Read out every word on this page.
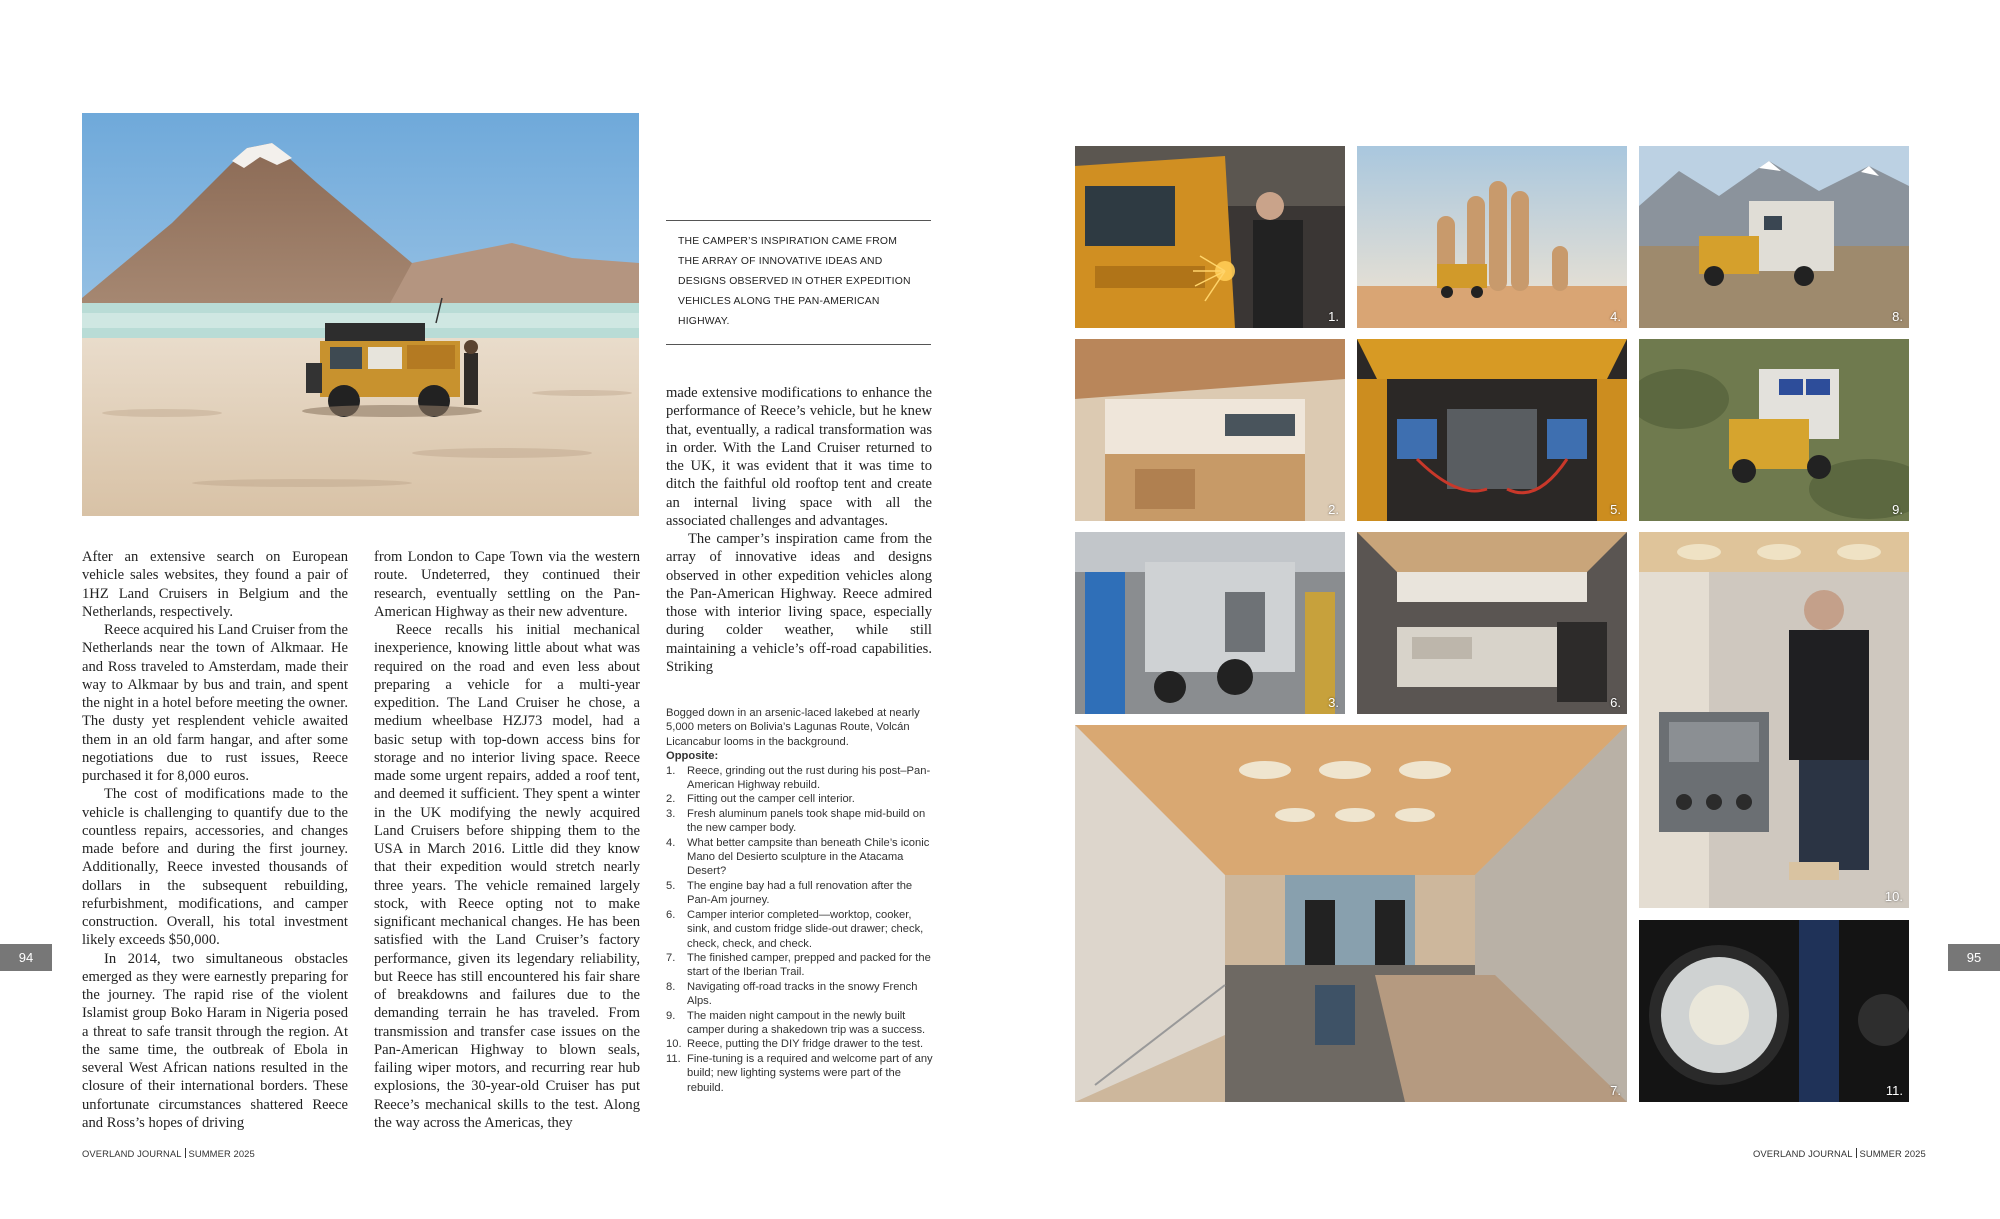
After an extensive search on European vehicle sales websites, they found a pair of 1HZ Land Cruisers in Belgium and the Netherlands, respectively.

Reece acquired his Land Cruiser from the Netherlands near the town of Alkmaar. He and Ross traveled to Amsterdam, made their way to Alkmaar by bus and train, and spent the night in a hotel before meeting the owner. The dusty yet resplendent vehicle awaited them in an old farm hangar, and after some negotiations due to rust issues, Reece purchased it for 8,000 euros.

The cost of modifications made to the vehicle is challenging to quantify due to the countless repairs, accessories, and changes made before and during the first journey. Additionally, Reece invested thousands of dollars in the subsequent rebuilding, refurbishment, modifications, and camper construction. Overall, his total investment likely exceeds $50,000.

In 2014, two simultaneous obstacles emerged as they were earnestly preparing for the journey. The rapid rise of the violent Islamist group Boko Haram in Nigeria posed a threat to safe transit through the region. At the same time, the outbreak of Ebola in several West African nations resulted in the closure of their international borders. These unfortunate circumstances shattered Reece and Ross’s hopes of driving

from London to Cape Town via the western route. Undeterred, they continued their research, eventually settling on the Pan-American Highway as their new adventure.

Reece recalls his initial mechanical inexperience, knowing little about what was required on the road and even less about preparing a vehicle for a multi-year expedition. The Land Cruiser he chose, a medium wheelbase HZJ73 model, had a basic setup with top-down access bins for storage and no interior living space. Reece made some urgent repairs, added a roof tent, and deemed it sufficient. They spent a winter in the UK modifying the newly acquired Land Cruisers before shipping them to the USA in March 2016. Little did they know that their expedition would stretch nearly three years. The vehicle remained largely stock, with Reece opting not to make significant mechanical changes. He has been satisfied with the Land Cruiser’s factory performance, given its legendary reliability, but Reece has still encountered his fair share of breakdowns and failures due to the demanding terrain he has traveled. From transmission and transfer case issues on the Pan-American Highway to blown seals, failing wiper motors, and recurring rear hub explosions, the 30-year-old Cruiser has put Reece’s mechanical skills to the test. Along the way across the Americas, they

THE CAMPER’S INSPIRATION CAME FROM THE ARRAY OF INNOVATIVE IDEAS AND DESIGNS OBSERVED IN OTHER EXPEDITION VEHICLES ALONG THE PAN-AMERICAN HIGHWAY.

made extensive modifications to enhance the performance of Reece’s vehicle, but he knew that, eventually, a radical transformation was in order. With the Land Cruiser returned to the UK, it was evident that it was time to ditch the faithful old rooftop tent and create an internal living space with all the associated challenges and advantages.

The camper’s inspiration came from the array of innovative ideas and designs observed in other expedition vehicles along the Pan-American Highway. Reece admired those with interior living space, especially during colder weather, while still maintaining a vehicle’s off-road capabilities. Striking

Bogged down in an arsenic-laced lakebed at nearly 5,000 meters on Bolivia’s Lagunas Route, Volcán Licancabur looms in the background.
Opposite:
1. Reece, grinding out the rust during his post–Pan-American Highway rebuild.
2. Fitting out the camper cell interior.
3. Fresh aluminum panels took shape mid-build on the new camper body.
4. What better campsite than beneath Chile’s iconic Mano del Desierto sculpture in the Atacama Desert?
5. The engine bay had a full renovation after the Pan-Am journey.
6. Camper interior completed—worktop, cooker, sink, and custom fridge slide-out drawer; check, check, check, and check.
7. The finished camper, prepped and packed for the start of the Iberian Trail.
8. Navigating off-road tracks in the snowy French Alps.
9. The maiden night campout in the newly built camper during a shakedown trip was a success.
10. Reece, putting the DIY fridge drawer to the test.
11. Fine-tuning is a required and welcome part of any build; new lighting systems were part of the rebuild.
94
OVERLAND JOURNAL SUMMER 2025
1.	4.	8.
2.	5.	9.
3.	6.
10.
7.	11.
95
OVERLAND JOURNAL SUMMER 2025
